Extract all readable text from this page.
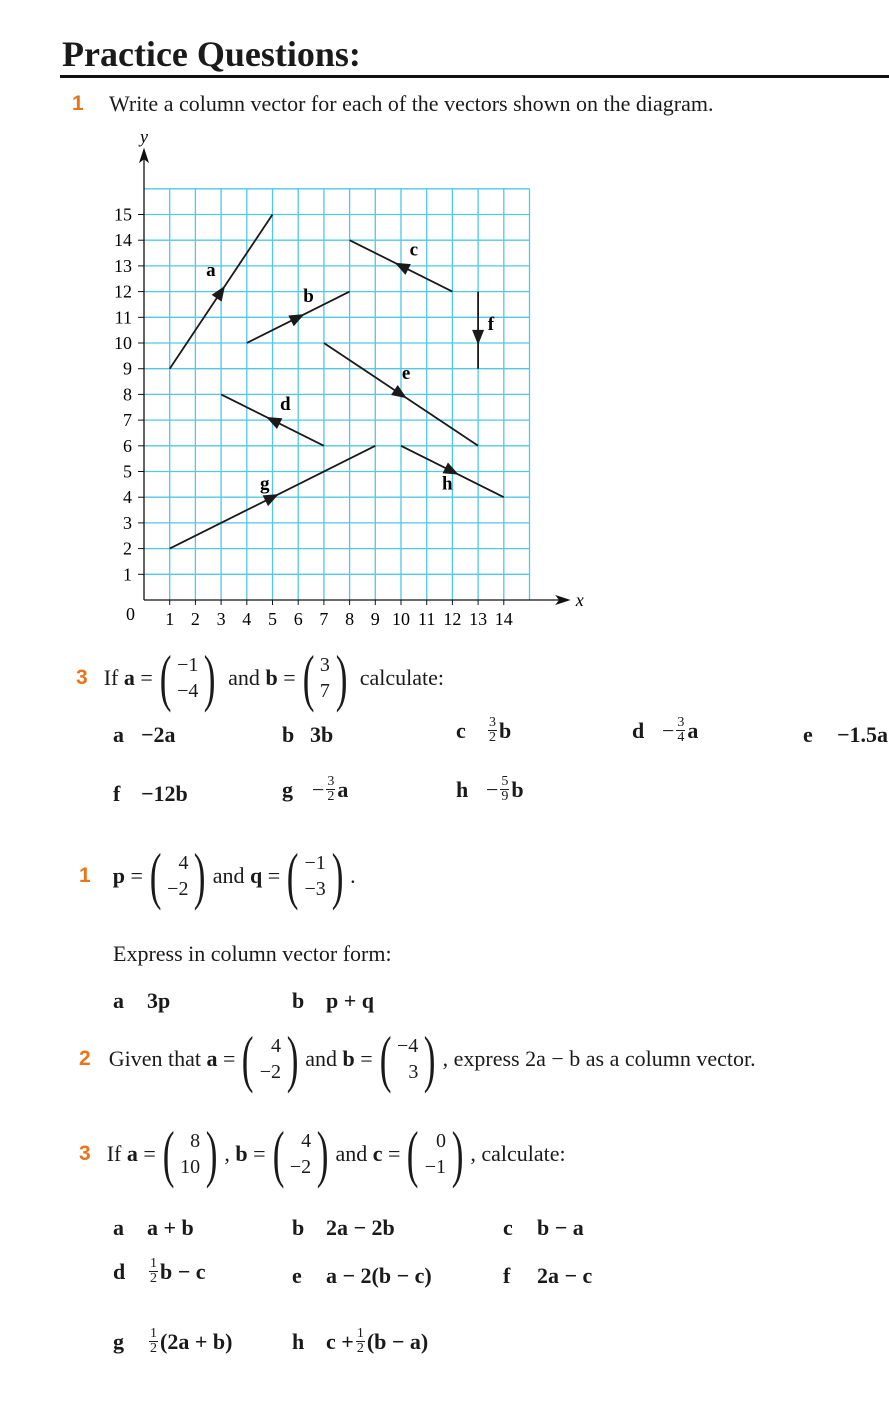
Practice Questions:
1 Write a column vector for each of the vectors shown on the diagram.
x
y
0 1 2 3 4 5 6 7 8 9 10 11 12 13 14
1
2
3
4
5
6
7
8
9
10
11
12
13
14
15
a
b
c
f
e
d
g	h
3 If
a = ( −1
−4 )
and
b = ( 3
7 )
calculate:
a −2a	b 3b	c	$\frac{3}{2}$ b	$d - \frac{3}{4}$ a	e −1.5a
f −12b	$g - \frac{3}{2}$ a	$h - \frac{5}{9}$ b
1 p = ( 4
−2 ) and
q = ( −1
−3 ) .
Express in column vector form:
a 3p	b p + q
2 Given that
a = ( 4
−2 ) and
b = ( −4
3 ) , express 2a − b as a column vector.
3 If
a = ( 8
10 ) ,
b = ( 4
−2 ) and
c = ( 0
−1 ) , calculate:
a a + b	b 2a − 2b	c b − a
d	$\frac{1}{2}$ b − c	e a − 2(b − c)	f 2a − c
g	$\frac{1}{2} (2a + b)$	h $c + \frac{1}{2} (b - a)$
